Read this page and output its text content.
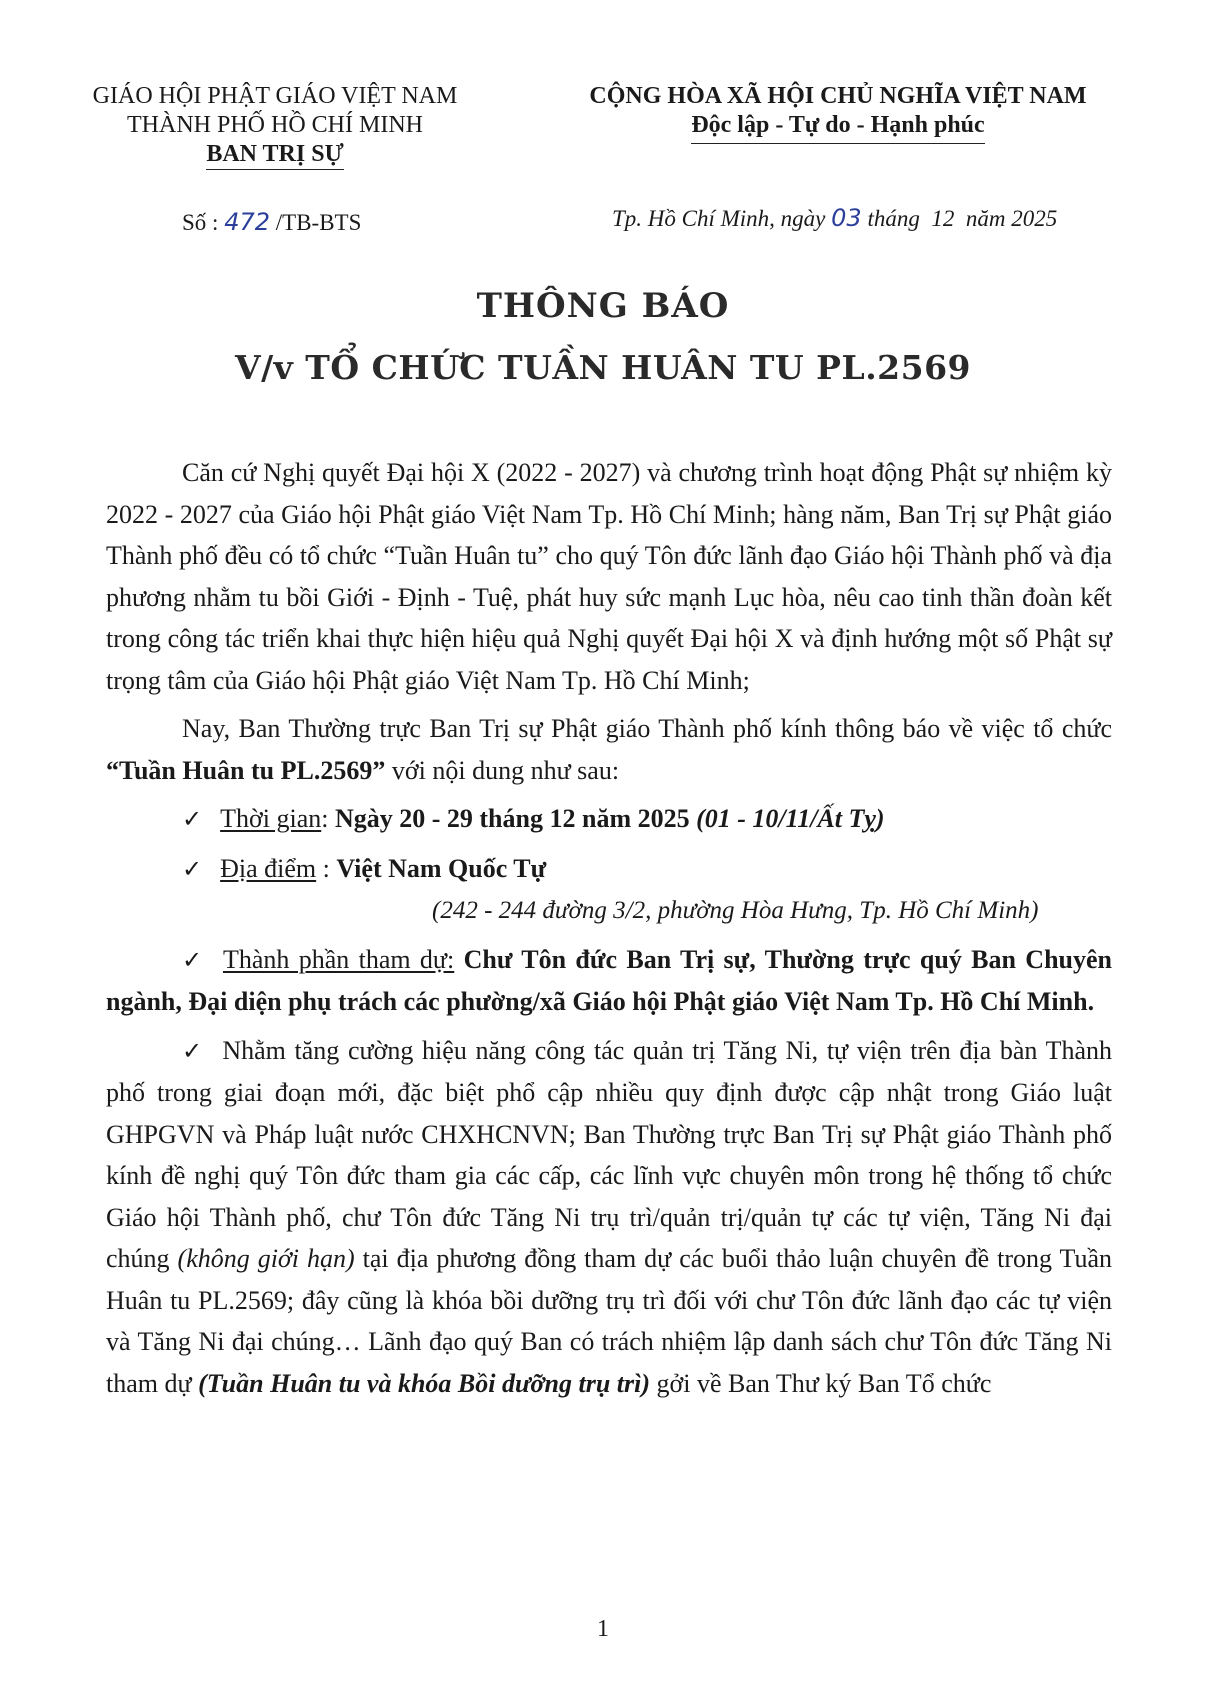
GIÁO HỘI PHẬT GIÁO VIỆT NAM
THÀNH PHỐ HỒ CHÍ MINH
BAN TRỊ SỰ
CỘNG HÒA XÃ HỘI CHỦ NGHĨA VIỆT NAM
Độc lập - Tự do - Hạnh phúc
Số : 472 /TB-BTS	Tp. Hồ Chí Minh, ngày 03 tháng 12 năm 2025
THÔNG BÁO
V/v TỔ CHỨC TUẦN HUÂN TU PL.2569

Căn cứ Nghị quyết Đại hội X (2022 - 2027) và chương trình hoạt động Phật sự nhiệm kỳ 2022 - 2027 của Giáo hội Phật giáo Việt Nam Tp. Hồ Chí Minh; hàng năm, Ban Trị sự Phật giáo Thành phố đều có tổ chức “Tuần Huân tu” cho quý Tôn đức lãnh đạo Giáo hội Thành phố và địa phương nhằm tu bồi Giới - Định - Tuệ, phát huy sức mạnh Lục hòa, nêu cao tinh thần đoàn kết trong công tác triển khai thực hiện hiệu quả Nghị quyết Đại hội X và định hướng một số Phật sự trọng tâm của Giáo hội Phật giáo Việt Nam Tp. Hồ Chí Minh;

Nay, Ban Thường trực Ban Trị sự Phật giáo Thành phố kính thông báo về việc tổ chức “Tuần Huân tu PL.2569” với nội dung như sau:

✓ Thời gian: Ngày 20 - 29 tháng 12 năm 2025 (01 - 10/11/Ất Tỵ)

✓ Địa điểm : Việt Nam Quốc Tự
(242 - 244 đường 3/2, phường Hòa Hưng, Tp. Hồ Chí Minh)

✓ Thành phần tham dự: Chư Tôn đức Ban Trị sự, Thường trực quý Ban Chuyên ngành, Đại diện phụ trách các phường/xã Giáo hội Phật giáo Việt Nam Tp. Hồ Chí Minh.

✓ Nhằm tăng cường hiệu năng công tác quản trị Tăng Ni, tự viện trên địa bàn Thành phố trong giai đoạn mới, đặc biệt phổ cập nhiều quy định được cập nhật trong Giáo luật GHPGVN và Pháp luật nước CHXHCNVN; Ban Thường trực Ban Trị sự Phật giáo Thành phố kính đề nghị quý Tôn đức tham gia các cấp, các lĩnh vực chuyên môn trong hệ thống tổ chức Giáo hội Thành phố, chư Tôn đức Tăng Ni trụ trì/quản trị/quản tự các tự viện, Tăng Ni đại chúng (không giới hạn) tại địa phương đồng tham dự các buổi thảo luận chuyên đề trong Tuần Huân tu PL.2569; đây cũng là khóa bồi dưỡng trụ trì đối với chư Tôn đức lãnh đạo các tự viện và Tăng Ni đại chúng… Lãnh đạo quý Ban có trách nhiệm lập danh sách chư Tôn đức Tăng Ni tham dự (Tuần Huân tu và khóa Bồi dưỡng trụ trì) gởi về Ban Thư ký Ban Tổ chức

1
